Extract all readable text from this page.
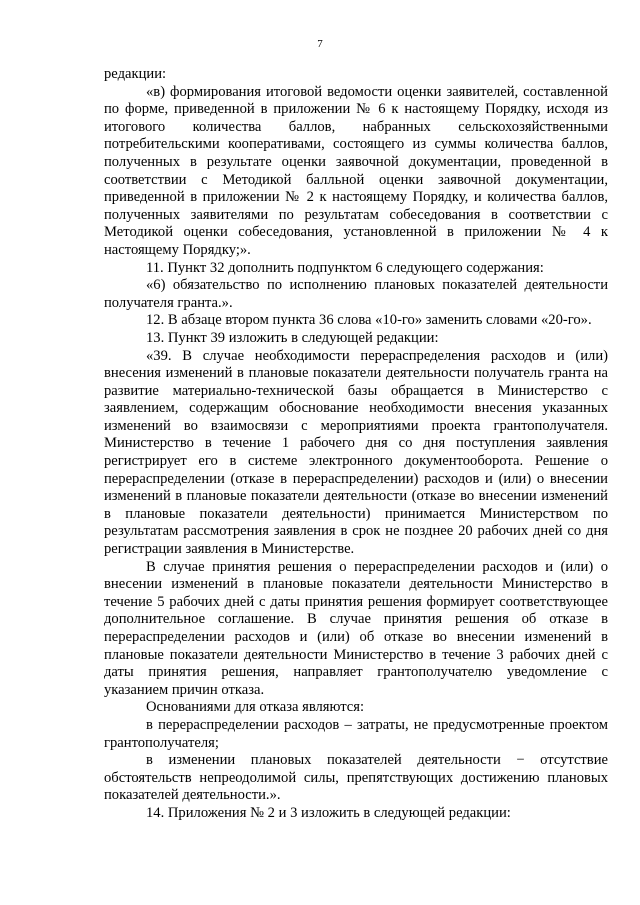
7

редакции:

«в) формирования итоговой ведомости оценки заявителей, составленной по форме, приведенной в приложении № 6 к настоящему Порядку, исходя из итогового количества баллов, набранных сельскохозяйственными потребительскими кооперативами, состоящего из суммы количества баллов, полученных в результате оценки заявочной документации, проведенной в соответствии с Методикой балльной оценки заявочной документации, приведенной в приложении № 2 к настоящему Порядку, и количества баллов, полученных заявителями по результатам собеседования в соответствии с Методикой оценки собеседования, установленной в приложении № 4 к настоящему Порядку;».

11. Пункт 32 дополнить подпунктом 6 следующего содержания:

«6) обязательство по исполнению плановых показателей деятельности получателя гранта.».

12. В абзаце втором пункта 36 слова «10-го» заменить словами «20-го».

13. Пункт 39 изложить в следующей редакции:

«39. В случае необходимости перераспределения расходов и (или) внесения изменений в плановые показатели деятельности получатель гранта на развитие материально-технической базы обращается в Министерство с заявлением, содержащим обоснование необходимости внесения указанных изменений во взаимосвязи с мероприятиями проекта грантополучателя. Министерство в течение 1 рабочего дня со дня поступления заявления регистрирует его в системе электронного документооборота. Решение о перераспределении (отказе в перераспределении) расходов и (или) о внесении изменений в плановые показатели деятельности (отказе во внесении изменений в плановые показатели деятельности) принимается Министерством по результатам рассмотрения заявления в срок не позднее 20 рабочих дней со дня регистрации заявления в Министерстве.

В случае принятия решения о перераспределении расходов и (или) о внесении изменений в плановые показатели деятельности Министерство в течение 5 рабочих дней с даты принятия решения формирует соответствующее дополнительное соглашение. В случае принятия решения об отказе в перераспределении расходов и (или) об отказе во внесении изменений в плановые показатели деятельности Министерство в течение 3 рабочих дней с даты принятия решения, направляет грантополучателю уведомление с указанием причин отказа.

Основаниями для отказа являются:

в перераспределении расходов – затраты, не предусмотренные проектом грантополучателя;

в изменении плановых показателей деятельности − отсутствие обстоятельств непреодолимой силы, препятствующих достижению плановых показателей деятельности.».

14. Приложения № 2 и 3 изложить в следующей редакции:
